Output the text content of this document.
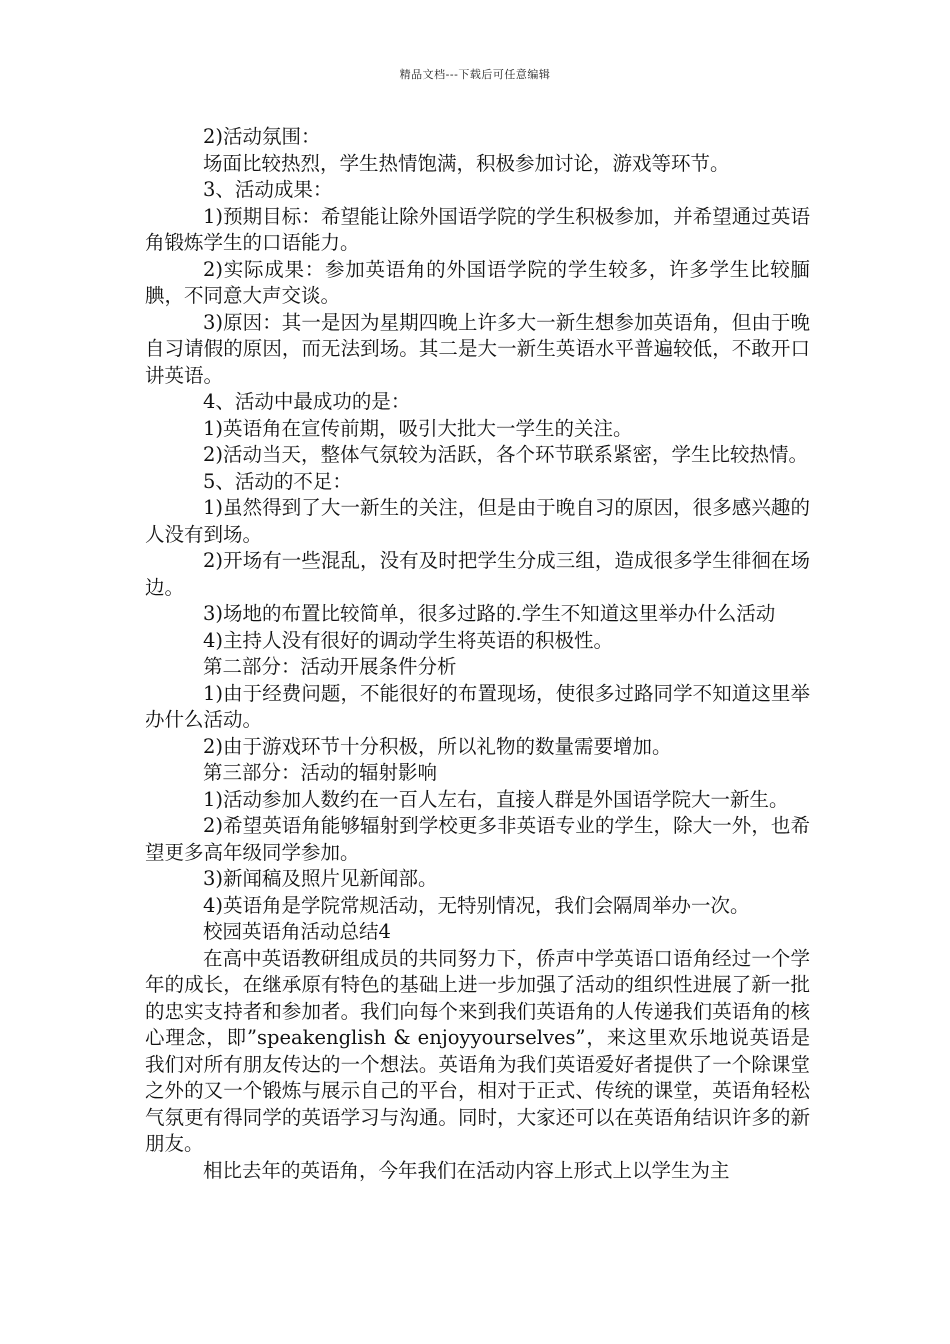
精品文档---下载后可任意编辑

2)活动氛围：

场面比较热烈，学生热情饱满，积极参加讨论，游戏等环节。

3、活动成果：

1)预期目标：希望能让除外国语学院的学生积极参加，并希望通过英语角锻炼学生的口语能力。

2)实际成果：参加英语角的外国语学院的学生较多，许多学生比较腼腆，不同意大声交谈。

3)原因：其一是因为星期四晚上许多大一新生想参加英语角，但由于晚自习请假的原因，而无法到场。其二是大一新生英语水平普遍较低，不敢开口讲英语。

4、活动中最成功的是：

1)英语角在宣传前期，吸引大批大一学生的关注。

2)活动当天，整体气氛较为活跃，各个环节联系紧密，学生比较热情。

5、活动的不足：

1)虽然得到了大一新生的关注，但是由于晚自习的原因，很多感兴趣的人没有到场。

2)开场有一些混乱，没有及时把学生分成三组，造成很多学生徘徊在场边。

3)场地的布置比较简单，很多过路的.学生不知道这里举办什么活动

4)主持人没有很好的调动学生将英语的积极性。

第二部分：活动开展条件分析

1)由于经费问题，不能很好的布置现场，使很多过路同学不知道这里举办什么活动。

2)由于游戏环节十分积极，所以礼物的数量需要增加。

第三部分：活动的辐射影响

1)活动参加人数约在一百人左右，直接人群是外国语学院大一新生。

2)希望英语角能够辐射到学校更多非英语专业的学生，除大一外，也希望更多高年级同学参加。

3)新闻稿及照片见新闻部。

4)英语角是学院常规活动，无特别情况，我们会隔周举办一次。

校园英语角活动总结4

在高中英语教研组成员的共同努力下，侨声中学英语口语角经过一个学年的成长，在继承原有特色的基础上进一步加强了活动的组织性进展了新一批的忠实支持者和参加者。我们向每个来到我们英语角的人传递我们英语角的核心理念，即”speakenglish & enjoyyourselves”，来这里欢乐地说英语是我们对所有朋友传达的一个想法。英语角为我们英语爱好者提供了一个除课堂之外的又一个锻炼与展示自己的平台，相对于正式、传统的课堂，英语角轻松气氛更有得同学的英语学习与沟通。同时，大家还可以在英语角结识许多的新朋友。

相比去年的英语角，今年我们在活动内容上形式上以学生为主
